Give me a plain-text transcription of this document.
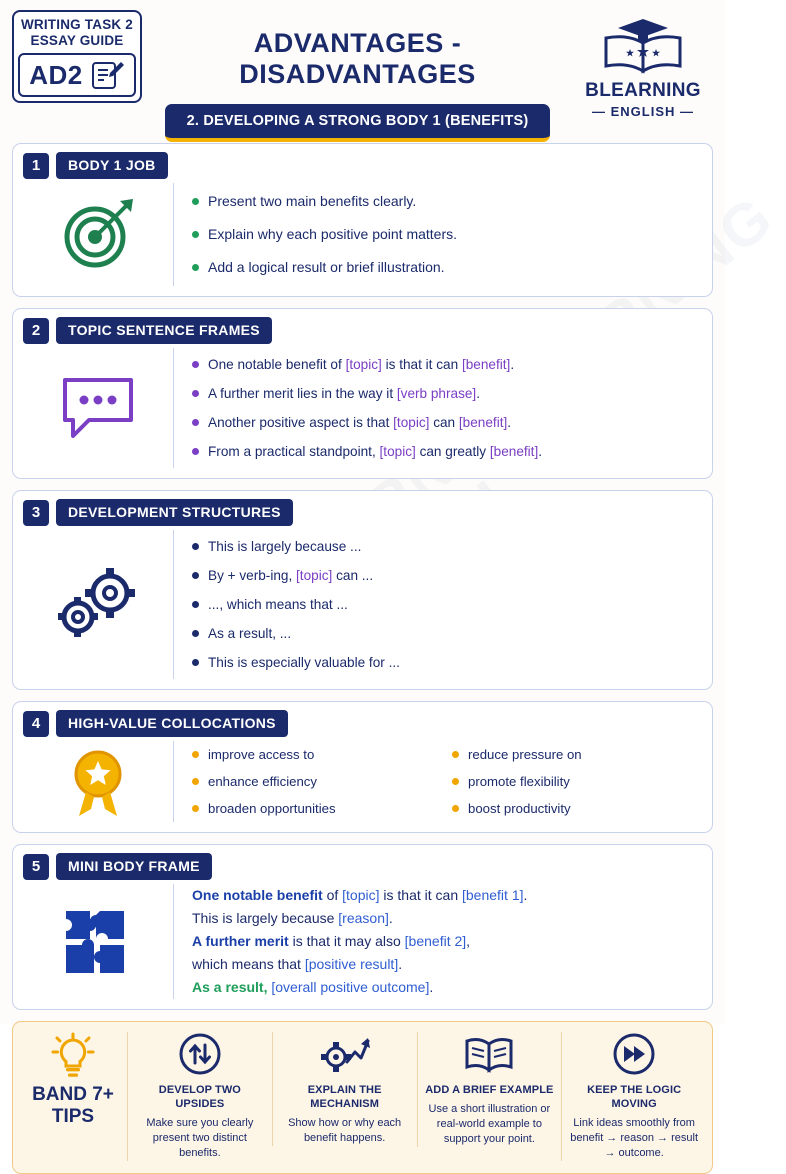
WRITING TASK 2
ESSAY GUIDE
AD2
ADVANTAGES - DISADVANTAGES
2. DEVELOPING A STRONG BODY 1 (BENEFITS)
BLEARNING
— ENGLISH —
1	BODY 1 JOB
Present two main benefits clearly.
Explain why each positive point matters.
Add a logical result or brief illustration.
2	TOPIC SENTENCE FRAMES
One notable benefit of [topic] is that it can [benefit].
A further merit lies in the way it [verb phrase].
Another positive aspect is that [topic] can [benefit].
From a practical standpoint, [topic] can greatly [benefit].
3	DEVELOPMENT STRUCTURES
This is largely because ...
By + verb-ing, [topic] can ...
..., which means that ...
As a result, ...
This is especially valuable for ...
4	HIGH-VALUE COLLOCATIONS
improve access to	reduce pressure on
enhance efficiency	promote flexibility
broaden opportunities	boost productivity
5	MINI BODY FRAME
One notable benefit of [topic] is that it can [benefit 1].
This is largely because [reason].
A further merit is that it may also [benefit 2],
which means that [positive result].
As a result, [overall positive outcome].
BAND 7+
TIPS
DEVELOP TWO UPSIDES
Make sure you clearly present two distinct benefits.
EXPLAIN THE MECHANISM
Show how or why each benefit happens.
ADD A BRIEF EXAMPLE
Use a short illustration or real-world example to support your point.
KEEP THE LOGIC MOVING
Link ideas smoothly from benefit → reason → result → outcome.
